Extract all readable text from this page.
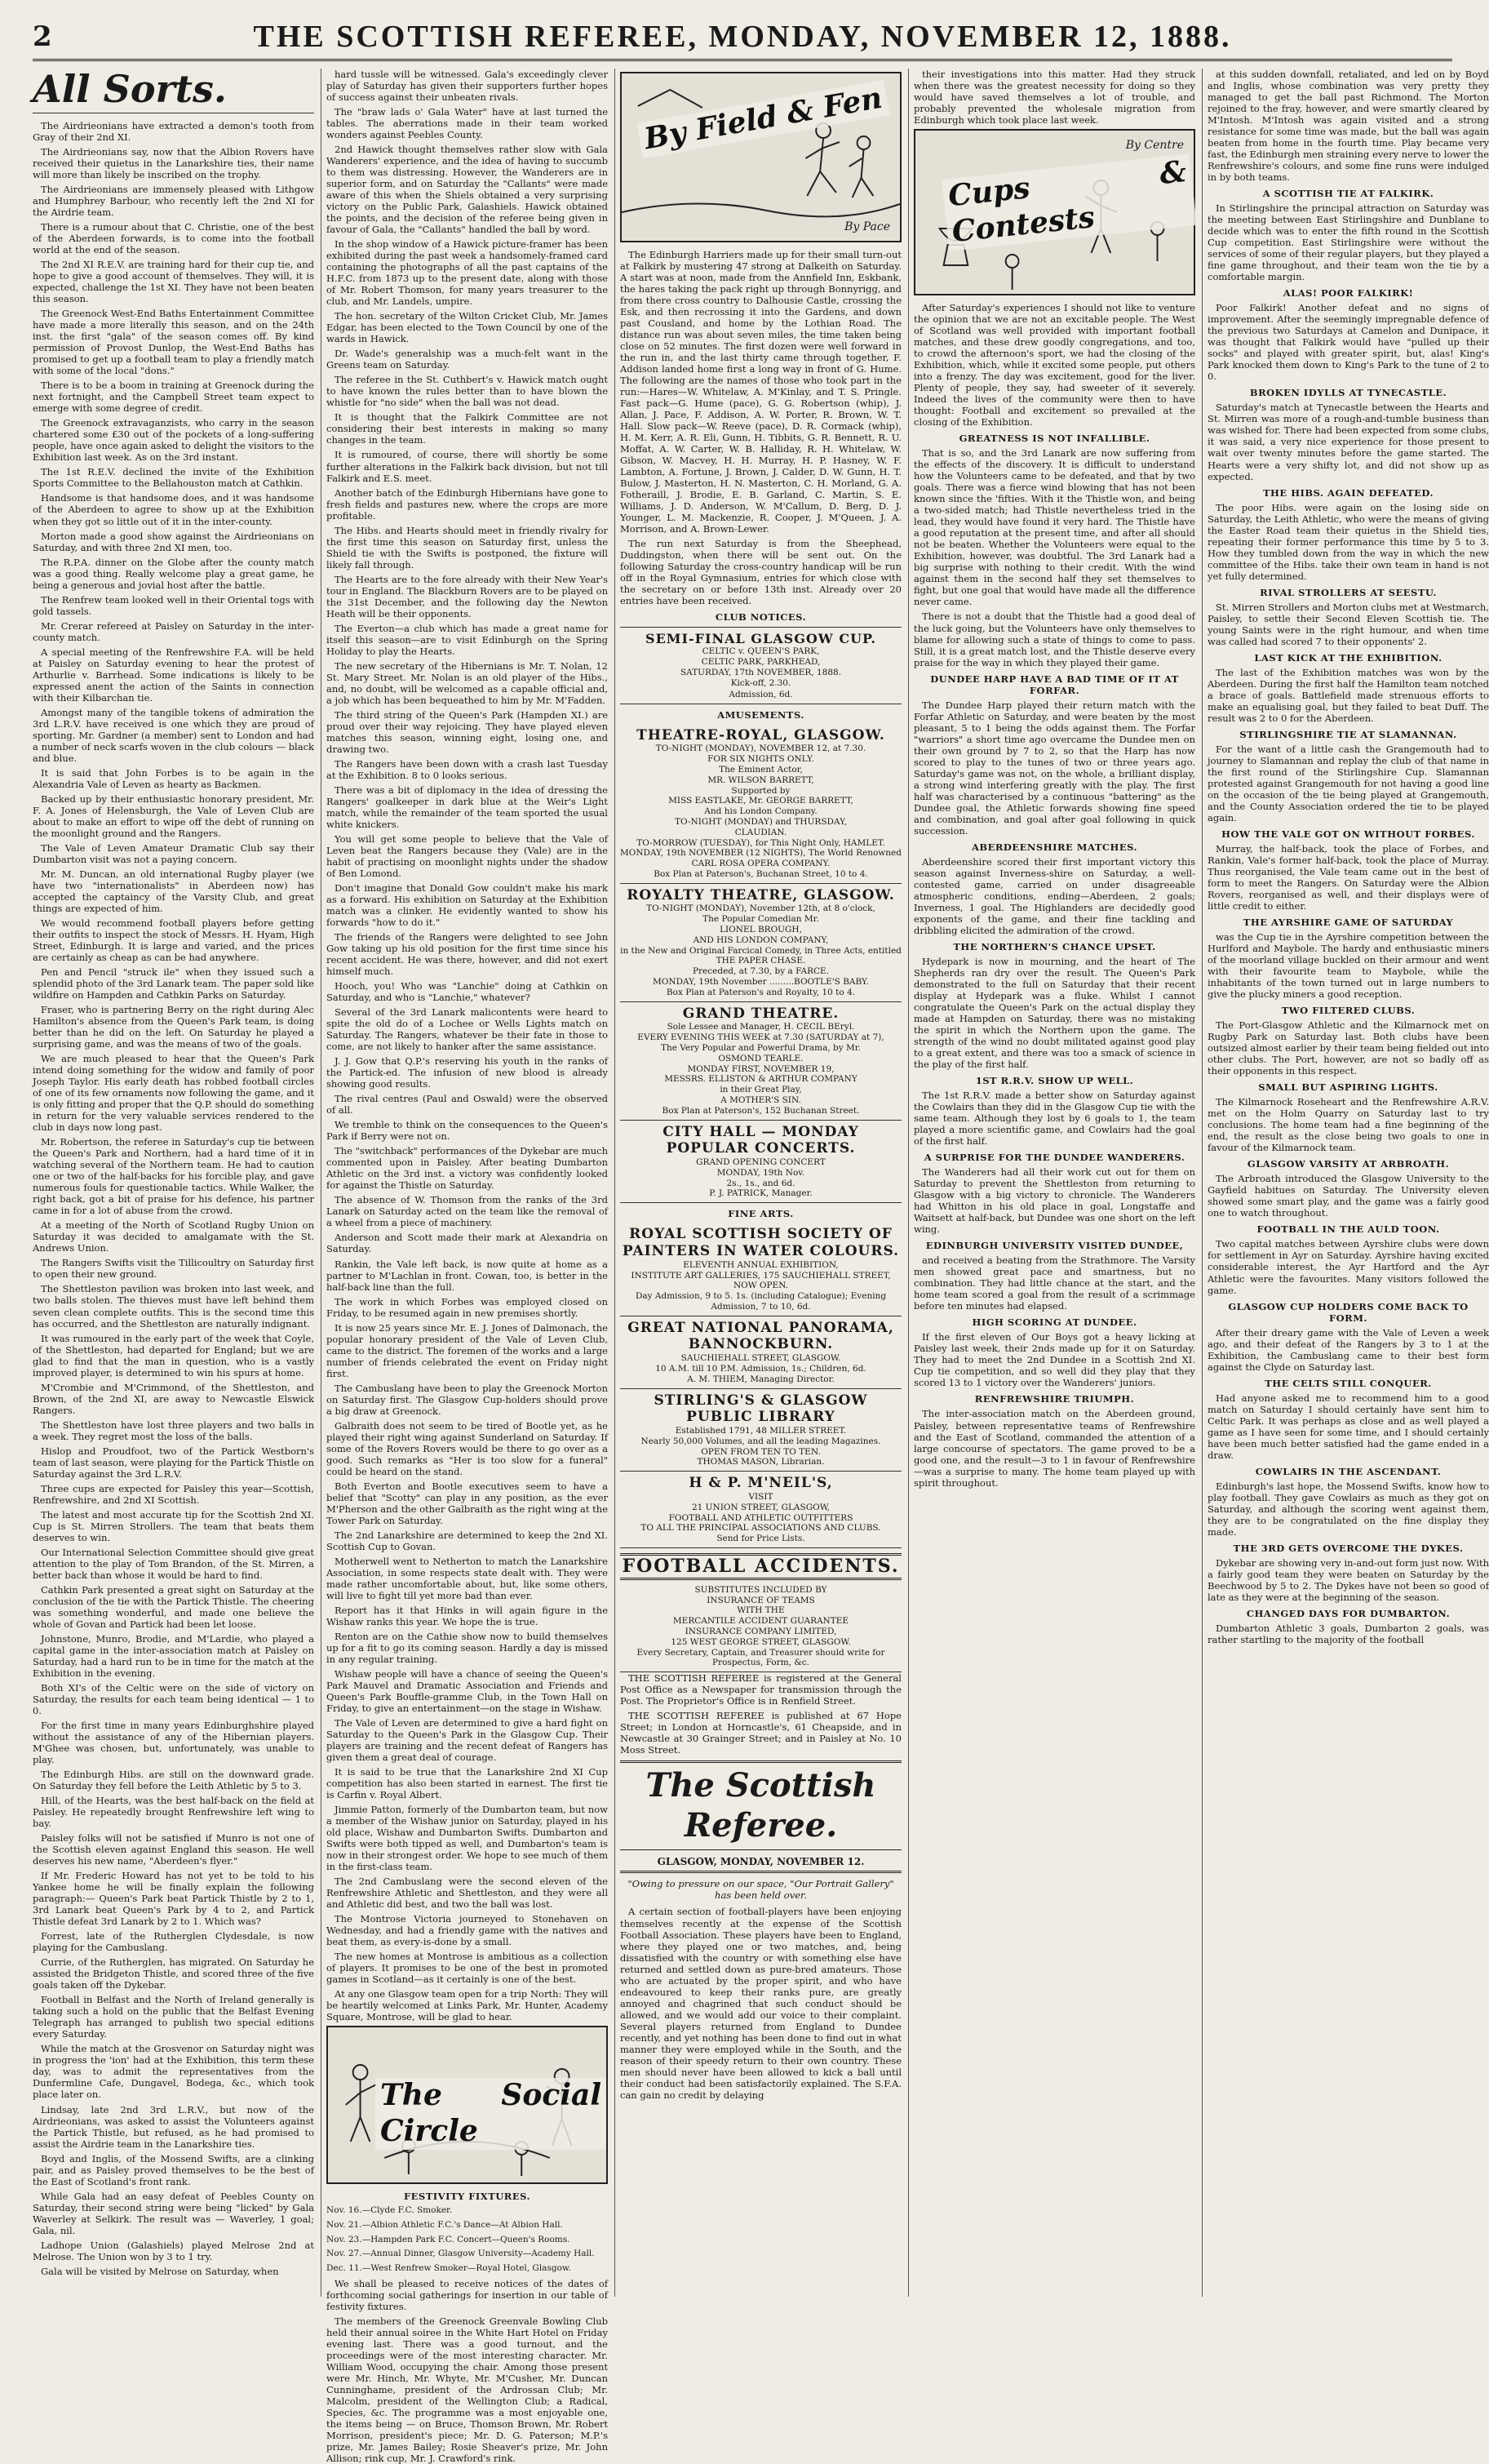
2	THE SCOTTISH REFEREE, MONDAY, NOVEMBER 12, 1888.
All Sorts.

The Airdrieonians have extracted a demon's tooth from Gray of their 2nd XI.

The Airdrieonians say, now that the Albion Rovers have received their quietus in the Lanarkshire ties, their name will more than likely be inscribed on the trophy.

The Airdrieonians are immensely pleased with Lithgow and Humphrey Barbour, who recently left the 2nd XI for the Airdrie team.

There is a rumour about that C. Christie, one of the best of the Aberdeen forwards, is to come into the football world at the end of the season.

The 2nd XI R.E.V. are training hard for their cup tie, and hope to give a good account of themselves. They will, it is expected, challenge the 1st XI. They have not been beaten this season.

The Greenock West-End Baths Entertainment Committee have made a more literally this season, and on the 24th inst. the first "gala" of the season comes off. By kind permission of Provost Dunlop, the West-End Baths has promised to get up a football team to play a friendly match with some of the local "dons."

There is to be a boom in training at Greenock during the next fortnight, and the Campbell Street team expect to emerge with some degree of credit.

The Greenock extravaganzists, who carry in the season chartered some £30 out of the pockets of a long-suffering people, have once again asked to delight the visitors to the Exhibition last week. As on the 3rd instant.

The 1st R.E.V. declined the invite of the Exhibition Sports Committee to the Bellahouston match at Cathkin.

Handsome is that handsome does, and it was handsome of the Aberdeen to agree to show up at the Exhibition when they got so little out of it in the inter-county.

Morton made a good show against the Airdrieonians on Saturday, and with three 2nd XI men, too.

The R.P.A. dinner on the Globe after the county match was a good thing. Really welcome play a great game, he being a generous and jovial host after the battle.

The Renfrew team looked well in their Oriental togs with gold tassels.

Mr. Crerar refereed at Paisley on Saturday in the inter-county match.

A special meeting of the Renfrewshire F.A. will be held at Paisley on Saturday evening to hear the protest of Arthurlie v. Barrhead. Some indications is likely to be expressed anent the action of the Saints in connection with their Kilbarchan tie.

Amongst many of the tangible tokens of admiration the 3rd L.R.V. have received is one which they are proud of sporting. Mr. Gardner (a member) sent to London and had a number of neck scarfs woven in the club colours — black and blue.

It is said that John Forbes is to be again in the Alexandria Vale of Leven as hearty as Backmen.

Backed up by their enthusiastic honorary president, Mr. F. A. Jones of Helensburgh, the Vale of Leven Club are about to make an effort to wipe off the debt of running on the moonlight ground and the Rangers.

The Vale of Leven Amateur Dramatic Club say their Dumbarton visit was not a paying concern.

Mr. M. Duncan, an old international Rugby player (we have two "internationalists" in Aberdeen now) has accepted the captaincy of the Varsity Club, and great things are expected of him.

We would recommend football players before getting their outfits to inspect the stock of Messrs. H. Hyam, High Street, Edinburgh. It is large and varied, and the prices are certainly as cheap as can be had anywhere.

Pen and Pencil "struck ile" when they issued such a splendid photo of the 3rd Lanark team. The paper sold like wildfire on Hampden and Cathkin Parks on Saturday.

Fraser, who is partnering Berry on the right during Alec Hamilton's absence from the Queen's Park team, is doing better than he did on the left. On Saturday he played a surprising game, and was the means of two of the goals.

We are much pleased to hear that the Queen's Park intend doing something for the widow and family of poor Joseph Taylor. His early death has robbed football circles of one of its few ornaments now following the game, and it is only fitting and proper that the Q.P. should do something in return for the very valuable services rendered to the club in days now long past.

Mr. Robertson, the referee in Saturday's cup tie between the Queen's Park and Northern, had a hard time of it in watching several of the Northern team. He had to caution one or two of the half-backs for his forcible play, and gave numerous fouls for questionable tactics. While Walker, the right back, got a bit of praise for his defence, his partner came in for a lot of abuse from the crowd.

At a meeting of the North of Scotland Rugby Union on Saturday it was decided to amalgamate with the St. Andrews Union.

The Rangers Swifts visit the Tillicoultry on Saturday first to open their new ground.

The Shettleston pavilion was broken into last week, and two balls stolen. The thieves must have left behind them seven clean complete outfits. This is the second time this has occurred, and the Shettleston are naturally indignant.

It was rumoured in the early part of the week that Coyle, of the Shettleston, had departed for England; but we are glad to find that the man in question, who is a vastly improved player, is determined to win his spurs at home.

M'Crombie and M'Crimmond, of the Shettleston, and Brown, of the 2nd XI, are away to Newcastle Elswick Rangers.

The Shettleston have lost three players and two balls in a week. They regret most the loss of the balls.

Hislop and Proudfoot, two of the Partick Westborn's team of last season, were playing for the Partick Thistle on Saturday against the 3rd L.R.V.

Three cups are expected for Paisley this year—Scottish, Renfrewshire, and 2nd XI Scottish.

The latest and most accurate tip for the Scottish 2nd XI. Cup is St. Mirren Strollers. The team that beats them deserves to win.

Our International Selection Committee should give great attention to the play of Tom Brandon, of the St. Mirren, a better back than whose it would be hard to find.

Cathkin Park presented a great sight on Saturday at the conclusion of the tie with the Partick Thistle. The cheering was something wonderful, and made one believe the whole of Govan and Partick had been let loose.

Johnstone, Munro, Brodie, and M'Lardie, who played a capital game in the inter-association match at Paisley on Saturday, had a hard run to be in time for the match at the Exhibition in the evening.

Both XI's of the Celtic were on the side of victory on Saturday, the results for each team being identical — 1 to 0.

For the first time in many years Edinburghshire played without the assistance of any of the Hibernian players. M'Ghee was chosen, but, unfortunately, was unable to play.

The Edinburgh Hibs. are still on the downward grade. On Saturday they fell before the Leith Athletic by 5 to 3.

Hill, of the Hearts, was the best half-back on the field at Paisley. He repeatedly brought Renfrewshire left wing to bay.

Paisley folks will not be satisfied if Munro is not one of the Scottish eleven against England this season. He well deserves his new name, "Aberdeen's flyer."

If Mr. Frederic Howard has not yet to be told to his Yankee home he will be finally explain the following paragraph:— Queen's Park beat Partick Thistle by 2 to 1, 3rd Lanark beat Queen's Park by 4 to 2, and Partick Thistle defeat 3rd Lanark by 2 to 1. Which was?

Forrest, late of the Rutherglen Clydesdale, is now playing for the Cambuslang.

Currie, of the Rutherglen, has migrated. On Saturday he assisted the Bridgeton Thistle, and scored three of the five goals taken off the Dykebar.

Football in Belfast and the North of Ireland generally is taking such a hold on the public that the Belfast Evening Telegraph has arranged to publish two special editions every Saturday.

While the match at the Grosvenor on Saturday night was in progress the 'ion' had at the Exhibition, this term these day, was to admit the representatives from the Dunfermline Cafe, Dungavel, Bodega, &c., which took place later on.

Lindsay, late 2nd 3rd L.R.V., but now of the Airdrieonians, was asked to assist the Volunteers against the Partick Thistle, but refused, as he had promised to assist the Airdrie team in the Lanarkshire ties.

Boyd and Inglis, of the Mossend Swifts, are a clinking pair, and as Paisley proved themselves to be the best of the East of Scotland's front rank.

While Gala had an easy defeat of Peebles County on Saturday, their second string were being "licked" by Gala Waverley at Selkirk. The result was — Waverley, 1 goal; Gala, nil.

Ladhope Union (Galashiels) played Melrose 2nd at Melrose. The Union won by 3 to 1 try.

Gala will be visited by Melrose on Saturday, when

hard tussle will be witnessed. Gala's exceedingly clever play of Saturday has given their supporters further hopes of success against their unbeaten rivals.

The "braw lads o' Gala Water" have at last turned the tables. The aberrations made in their team worked wonders against Peebles County.

2nd Hawick thought themselves rather slow with Gala Wanderers' experience, and the idea of having to succumb to them was distressing. However, the Wanderers are in superior form, and on Saturday the "Callants" were made aware of this when the Shiels obtained a very surprising victory on the Public Park, Galashiels. Hawick obtained the points, and the decision of the referee being given in favour of Gala, the "Callants" handled the ball by word.

In the shop window of a Hawick picture-framer has been exhibited during the past week a handsomely-framed card containing the photographs of all the past captains of the H.F.C. from 1873 up to the present date, along with those of Mr. Robert Thomson, for many years treasurer to the club, and Mr. Landels, umpire.

The hon. secretary of the Wilton Cricket Club, Mr. James Edgar, has been elected to the Town Council by one of the wards in Hawick.

Dr. Wade's generalship was a much-felt want in the Greens team on Saturday.

The referee in the St. Cuthbert's v. Hawick match ought to have known the rules better than to have blown the whistle for "no side" when the ball was not dead.

It is thought that the Falkirk Committee are not considering their best interests in making so many changes in the team.

It is rumoured, of course, there will shortly be some further alterations in the Falkirk back division, but not till Falkirk and E.S. meet.

Another batch of the Edinburgh Hibernians have gone to fresh fields and pastures new, where the crops are more profitable.

The Hibs. and Hearts should meet in friendly rivalry for the first time this season on Saturday first, unless the Shield tie with the Swifts is postponed, the fixture will likely fall through.

The Hearts are to the fore already with their New Year's tour in England. The Blackburn Rovers are to be played on the 31st December, and the following day the Newton Heath will be their opponents.

The Everton—a club which has made a great name for itself this season—are to visit Edinburgh on the Spring Holiday to play the Hearts.

The new secretary of the Hibernians is Mr. T. Nolan, 12 St. Mary Street. Mr. Nolan is an old player of the Hibs., and, no doubt, will be welcomed as a capable official and, a job which has been bequeathed to him by Mr. M'Fadden.

The third string of the Queen's Park (Hampden XI.) are proud over their way rejoicing. They have played eleven matches this season, winning eight, losing one, and drawing two.

The Rangers have been down with a crash last Tuesday at the Exhibition. 8 to 0 looks serious.

There was a bit of diplomacy in the idea of dressing the Rangers' goalkeeper in dark blue at the Weir's Light match, while the remainder of the team sported the usual white knickers.

You will get some people to believe that the Vale of Leven beat the Rangers because they (Vale) are in the habit of practising on moonlight nights under the shadow of Ben Lomond.

Don't imagine that Donald Gow couldn't make his mark as a forward. His exhibition on Saturday at the Exhibition match was a clinker. He evidently wanted to show his forwards "how to do it."

The friends of the Rangers were delighted to see John Gow taking up his old position for the first time since his recent accident. He was there, however, and did not exert himself much.

Hooch, you! Who was "Lanchie" doing at Cathkin on Saturday, and who is "Lanchie," whatever?

Several of the 3rd Lanark malicontents were heard to spite the old do of a Lochee or Wells Lights match on Saturday. The Rangers, whatever be their fate in those to come, are not likely to hanker after the same assistance.

J. J. Gow that Q.P.'s reserving his youth in the ranks of the Partick-ed. The infusion of new blood is already showing good results.

The rival centres (Paul and Oswald) were the observed of all.

We tremble to think on the consequences to the Queen's Park if Berry were not on.

The "switchback" performances of the Dykebar are much commented upon in Paisley. After beating Dumbarton Athletic on the 3rd inst. a victory was confidently looked for against the Thistle on Saturday.

The absence of W. Thomson from the ranks of the 3rd Lanark on Saturday acted on the team like the removal of a wheel from a piece of machinery.

Anderson and Scott made their mark at Alexandria on Saturday.

Rankin, the Vale left back, is now quite at home as a partner to M'Lachlan in front. Cowan, too, is better in the half-back line than the full.

The work in which Forbes was employed closed on Friday, to be resumed again in new premises shortly.

It is now 25 years since Mr. E. J. Jones of Dalmonach, the popular honorary president of the Vale of Leven Club, came to the district. The foremen of the works and a large number of friends celebrated the event on Friday night first.

The Cambuslang have been to play the Greenock Morton on Saturday first. The Glasgow Cup-holders should prove a big draw at Greenock.

Galbraith does not seem to be tired of Bootle yet, as he played their right wing against Sunderland on Saturday. If some of the Rovers Rovers would be there to go over as a good. Such remarks as "Her is too slow for a funeral" could be heard on the stand.

Both Everton and Bootle executives seem to have a belief that "Scotty" can play in any position, as the ever M'Pherson and the other Galbraith as the right wing at the Tower Park on Saturday.

The 2nd Lanarkshire are determined to keep the 2nd XI. Scottish Cup to Govan.

Motherwell went to Netherton to match the Lanarkshire Association, in some respects state dealt with. They were made rather uncomfortable about, but, like some others, will live to fight till yet more bad than ever.

Report has it that Hinks in will again figure in the Wishaw ranks this year. We hope the is true.

Renton are on the Cathie show now to build themselves up for a fit to go its coming season. Hardly a day is missed in any regular training.

Wishaw people will have a chance of seeing the Queen's Park Mauvel and Dramatic Association and Friends and Queen's Park Bouffle-gramme Club, in the Town Hall on Friday, to give an entertainment—on the stage in Wishaw.

The Vale of Leven are determined to give a hard fight on Saturday to the Queen's Park in the Glasgow Cup. Their players are training and the recent defeat of Rangers has given them a great deal of courage.

It is said to be true that the Lanarkshire 2nd XI Cup competition has also been started in earnest. The first tie is Carfin v. Royal Albert.

Jimmie Patton, formerly of the Dumbarton team, but now a member of the Wishaw junior on Saturday, played in his old place, Wishaw and Dumbarton Swifts. Dumbarton and Swifts were both tipped as well, and Dumbarton's team is now in their strongest order. We hope to see much of them in the first-class team.

The 2nd Cambuslang were the second eleven of the Renfrewshire Athletic and Shettleston, and they were all and Athletic did best, and two the ball was lost.

The Montrose Victoria journeyed to Stonehaven on Wednesday, and had a friendly game with the natives and beat them, as every-is-done by a small.

The new homes at Montrose is ambitious as a collection of players. It promises to be one of the best in promoted games in Scotland—as it certainly is one of the best.

At any one Glasgow team open for a trip North: They will be heartily welcomed at Links Park, Mr. Hunter, Academy Square, Montrose, will be glad to hear.

The Social Circle
FESTIVITY FIXTURES.

Nov. 16.—Clyde F.C. Smoker.

Nov. 21.—Albion Athletic F.C.'s Dance—At Albion Hall.

Nov. 23.—Hampden Park F.C. Concert—Queen's Rooms.

Nov. 27.—Annual Dinner, Glasgow University—Academy Hall.

Dec. 11.—West Renfrew Smoker—Royal Hotel, Glasgow.

We shall be pleased to receive notices of the dates of forthcoming social gatherings for insertion in our table of festivity fixtures.

The members of the Greenock Greenvale Bowling Club held their annual soiree in the White Hart Hotel on Friday evening last. There was a good turnout, and the proceedings were of the most interesting character. Mr. William Wood, occupying the chair. Among those present were Mr. Hinch, Mr. Whyte, Mr. M'Cusher, Mr. Duncan Cunninghame, president of the Ardrossan Club; Mr. Malcolm, president of the Wellington Club; a Radical, Species, &c. The programme was a most enjoyable one, the items being — on Bruce, Thomson Brown, Mr. Robert Morrison, president's piece; Mr. D. G. Paterson; M.P.'s prize, Mr. James Bailey; Rosie Sheaver's prize, Mr. John Allison; rink cup, Mr. J. Crawford's rink.

By Field & Fen
By Pace

The Edinburgh Harriers made up for their small turn-out at Falkirk by mustering 47 strong at Dalkeith on Saturday. A start was at noon, made from the Annfield Inn, Eskbank, the hares taking the pack right up through Bonnyrigg, and from there cross country to Dalhousie Castle, crossing the Esk, and then recrossing it into the Gardens, and down past Cousland, and home by the Lothian Road. The distance run was about seven miles, the time taken being close on 52 minutes. The first dozen were well forward in the run in, and the last thirty came through together, F. Addison landed home first a long way in front of G. Hume. The following are the names of those who took part in the run:—Hares—W. Whitelaw, A. M'Kinlay, and T. S. Pringle. Fast pack—G. Hume (pace), G. G. Robertson (whip), J. Allan, J. Pace, F. Addison, A. W. Porter, R. Brown, W. T. Hall. Slow pack—W. Reeve (pace), D. R. Cormack (whip), H. M. Kerr, A. R. Eli, Gunn, H. Tibbits, G. R. Bennett, R. U. Moffat, A. W. Carter, W. B. Halliday, R. H. Whitelaw, W. Gibson, W. Macvey, H. H. Murray, H. P. Hasney, W. F. Lambton, A. Fortune, J. Brown, J. Calder, D. W. Gunn, H. T. Bulow, J. Masterton, H. N. Masterton, C. H. Morland, G. A. Fotheraill, J. Brodie, E. B. Garland, C. Martin, S. E. Williams, J. D. Anderson, W. M'Callum, D. Berg, D. J. Younger, L. M. Mackenzie, R. Cooper, J. M'Queen, J. A. Morrison, and A. Brown-Lewer.

The run next Saturday is from the Sheephead, Duddingston, when there will be sent out. On the following Saturday the cross-country handicap will be run off in the Royal Gymnasium, entries for which close with the secretary on or before 13th inst. Already over 20 entries have been received.

CLUB NOTICES.
SEMI-FINAL GLASGOW CUP.
CELTIC v. QUEEN'S PARK,
CELTIC PARK, PARKHEAD,
SATURDAY, 17th NOVEMBER, 1888.
Kick-off, 2.30.
Admission, 6d.
AMUSEMENTS.
THEATRE-ROYAL, GLASGOW.
TO-NIGHT (MONDAY), NOVEMBER 12, at 7.30.
FOR SIX NIGHTS ONLY.
The Eminent Actor,
MR. WILSON BARRETT,
Supported by
MISS EASTLAKE, Mr. GEORGE BARRETT,
And his London Company.
TO-NIGHT (MONDAY) and THURSDAY,
CLAUDIAN.
TO-MORROW (TUESDAY), for This Night Only, HAMLET.
MONDAY, 19th NOVEMBER (12 NIGHTS), The World Renowned
CARL ROSA OPERA COMPANY.
Box Plan at Paterson's, Buchanan Street, 10 to 4.
ROYALTY THEATRE, GLASGOW.
TO-NIGHT (MONDAY), November 12th, at 8 o'clock,
The Popular Comedian Mr.
LIONEL BROUGH,
AND HIS LONDON COMPANY,
in the New and Original Farcical Comedy, in Three Acts, entitled
THE PAPER CHASE.
Preceded, at 7.30, by a FARCE.
MONDAY, 19th November .........BOOTLE'S BABY.
Box Plan at Paterson's and Royalty, 10 to 4.
GRAND THEATRE.
Sole Lessee and Manager, H. CECIL BEryl.
EVERY EVENING THIS WEEK at 7.30 (SATURDAY at 7),
The Very Popular and Powerful Drama, by Mr.
OSMOND TEARLE.
MONDAY FIRST, NOVEMBER 19,
MESSRS. ELLISTON & ARTHUR COMPANY
in their Great Play,
A MOTHER'S SIN.
Box Plan at Paterson's, 152 Buchanan Street.
CITY HALL — MONDAY POPULAR CONCERTS.
GRAND OPENING CONCERT
MONDAY, 19th Nov.
2s., 1s., and 6d.
P. J. PATRICK, Manager.
FINE ARTS.
ROYAL SCOTTISH SOCIETY OF PAINTERS IN WATER COLOURS.
ELEVENTH ANNUAL EXHIBITION,
INSTITUTE ART GALLERIES, 175 SAUCHIEHALL STREET, NOW OPEN.
Day Admission, 9 to 5. 1s. (including Catalogue); Evening Admission, 7 to 10, 6d.
GREAT NATIONAL PANORAMA, BANNOCKBURN.
SAUCHIEHALL STREET, GLASGOW.
10 A.M. till 10 P.M. Admission, 1s.; Children, 6d.
A. M. THIEM, Managing Director.
STIRLING'S & GLASGOW PUBLIC LIBRARY
Established 1791, 48 MILLER STREET.
Nearly 50,000 Volumes, and all the leading Magazines.
OPEN FROM TEN TO TEN.
THOMAS MASON, Librarian.
H & P. M'NEIL'S,
VISIT
21 UNION STREET, GLASGOW,
FOOTBALL AND ATHLETIC OUTFITTERS
TO ALL THE PRINCIPAL ASSOCIATIONS AND CLUBS.
Send for Price Lists.
FOOTBALL ACCIDENTS.
SUBSTITUTES INCLUDED BY
INSURANCE OF TEAMS
WITH THE
MERCANTILE ACCIDENT GUARANTEE
INSURANCE COMPANY LIMITED,
125 WEST GEORGE STREET, GLASGOW.
Every Secretary, Captain, and Treasurer should write for Prospectus, Form, &c.

THE SCOTTISH REFEREE is registered at the General Post Office as a Newspaper for transmission through the Post. The Proprietor's Office is in Renfield Street.

THE SCOTTISH REFEREE is published at 67 Hope Street; in London at Horncastle's, 61 Cheapside, and in Newcastle at 30 Grainger Street; and in Paisley at No. 10 Moss Street.

The Scottish Referee.
GLASGOW, MONDAY, NOVEMBER 12.
"Owing to pressure on our space, "Our Portrait Gallery" has been held over.

A certain section of football-players have been enjoying themselves recently at the expense of the Scottish Football Association. These players have been to England, where they played one or two matches, and, being dissatisfied with the country or with something else have returned and settled down as pure-bred amateurs. Those who are actuated by the proper spirit, and who have endeavoured to keep their ranks pure, are greatly annoyed and chagrined that such conduct should be allowed, and we would add our voice to their complaint. Several players returned from England to Dundee recently, and yet nothing has been done to find out in what manner they were employed while in the South, and the reason of their speedy return to their own country. These men should never have been allowed to kick a ball until their conduct had been satisfactorily explained. The S.F.A. can gain no credit by delaying

their investigations into this matter. Had they struck when there was the greatest necessity for doing so they would have saved themselves a lot of trouble, and probably prevented the wholesale migration from Edinburgh which took place last week.

Cups & Contests
By Centre

After Saturday's experiences I should not like to venture the opinion that we are not an excitable people. The West of Scotland was well provided with important football matches, and these drew goodly congregations, and too, to crowd the afternoon's sport, we had the closing of the Exhibition, which, while it excited some people, put others into a frenzy. The day was excitement, good for the liver. Plenty of people, they say, had sweeter of it severely. Indeed the lives of the community were then to have thought: Football and excitement so prevailed at the closing of the Exhibition.

GREATNESS IS NOT INFALLIBLE.

That is so, and the 3rd Lanark are now suffering from the effects of the discovery. It is difficult to understand how the Volunteers came to be defeated, and that by two goals. There was a fierce wind blowing that has not been known since the 'fifties. With it the Thistle won, and being a two-sided match; had Thistle nevertheless tried in the lead, they would have found it very hard. The Thistle have a good reputation at the present time, and after all should not be beaten. Whether the Volunteers were equal to the Exhibition, however, was doubtful. The 3rd Lanark had a big surprise with nothing to their credit. With the wind against them in the second half they set themselves to fight, but one goal that would have made all the difference never came.

There is not a doubt that the Thistle had a good deal of the luck going, but the Volunteers have only themselves to blame for allowing such a state of things to come to pass. Still, it is a great match lost, and the Thistle deserve every praise for the way in which they played their game.

DUNDEE HARP HAVE A BAD TIME OF IT AT FORFAR.

The Dundee Harp played their return match with the Forfar Athletic on Saturday, and were beaten by the most pleasant, 5 to 1 being the odds against them. The Forfar "warriors" a short time ago overcame the Dundee men on their own ground by 7 to 2, so that the Harp has now scored to play to the tunes of two or three years ago. Saturday's game was not, on the whole, a brilliant display, a strong wind interfering greatly with the play. The first half was characterised by a continuous "battering" as the Dundee goal, the Athletic forwards showing fine speed and combination, and goal after goal following in quick succession.

ABERDEENSHIRE MATCHES.

Aberdeenshire scored their first important victory this season against Inverness-shire on Saturday, a well-contested game, carried on under disagreeable atmospheric conditions, ending—Aberdeen, 2 goals; Inverness, 1 goal. The Highlanders are decidedly good exponents of the game, and their fine tackling and dribbling elicited the admiration of the crowd.

THE NORTHERN'S CHANCE UPSET.

Hydepark is now in mourning, and the heart of The Shepherds ran dry over the result. The Queen's Park demonstrated to the full on Saturday that their recent display at Hydepark was a fluke. Whilst I cannot congratulate the Queen's Park on the actual display they made at Hampden on Saturday, there was no mistaking the spirit in which the Northern upon the game. The strength of the wind no doubt militated against good play to a great extent, and there was too a smack of science in the play of the first half.

1ST R.R.V. SHOW UP WELL.

The 1st R.R.V. made a better show on Saturday against the Cowlairs than they did in the Glasgow Cup tie with the same team. Although they lost by 6 goals to 1, the team played a more scientific game, and Cowlairs had the goal of the first half.

A SURPRISE FOR THE DUNDEE WANDERERS.

The Wanderers had all their work cut out for them on Saturday to prevent the Shettleston from returning to Glasgow with a big victory to chronicle. The Wanderers had Whitton in his old place in goal, Longstaffe and Waitsett at half-back, but Dundee was one short on the left wing.

EDINBURGH UNIVERSITY VISITED DUNDEE,

and received a beating from the Strathmore. The Varsity men showed great pace and smartness, but no combination. They had little chance at the start, and the home team scored a goal from the result of a scrimmage before ten minutes had elapsed.

HIGH SCORING AT DUNDEE.

If the first eleven of Our Boys got a heavy licking at Paisley last week, their 2nds made up for it on Saturday. They had to meet the 2nd Dundee in a Scottish 2nd XI. Cup tie competition, and so well did they play that they scored 13 to 1 victory over the Wanderers' juniors.

RENFREWSHIRE TRIUMPH.

The inter-association match on the Aberdeen ground, Paisley, between representative teams of Renfrewshire and the East of Scotland, commanded the attention of a large concourse of spectators. The game proved to be a good one, and the result—3 to 1 in favour of Renfrewshire—was a surprise to many. The home team played up with spirit throughout.

at this sudden downfall, retaliated, and led on by Boyd and Inglis, whose combination was very pretty they managed to get the ball past Richmond. The Morton rejoined to the fray, however, and were smartly cleared by M'Intosh. M'Intosh was again visited and a strong resistance for some time was made, but the ball was again beaten from home in the fourth time. Play became very fast, the Edinburgh men straining every nerve to lower the Renfrewshire's colours, and some fine runs were indulged in by both teams.

A SCOTTISH TIE AT FALKIRK.

In Stirlingshire the principal attraction on Saturday was the meeting between East Stirlingshire and Dunblane to decide which was to enter the fifth round in the Scottish Cup competition. East Stirlingshire were without the services of some of their regular players, but they played a fine game throughout, and their team won the tie by a comfortable margin.

ALAS! POOR FALKIRK!

Poor Falkirk! Another defeat and no signs of improvement. After the seemingly impregnable defence of the previous two Saturdays at Camelon and Dunipace, it was thought that Falkirk would have "pulled up their socks" and played with greater spirit, but, alas! King's Park knocked them down to King's Park to the tune of 2 to 0.

BROKEN IDYLLS AT TYNECASTLE.

Saturday's match at Tynecastle between the Hearts and St. Mirren was more of a rough-and-tumble business than was wished for. There had been expected from some clubs, it was said, a very nice experience for those present to wait over twenty minutes before the game started. The Hearts were a very shifty lot, and did not show up as expected.

THE HIBS. AGAIN DEFEATED.

The poor Hibs. were again on the losing side on Saturday, the Leith Athletic, who were the means of giving the Easter Road team their quietus in the Shield ties, repeating their former performance this time by 5 to 3. How they tumbled down from the way in which the new committee of the Hibs. take their own team in hand is not yet fully determined.

RIVAL STROLLERS AT SEESTU.

St. Mirren Strollers and Morton clubs met at Westmarch, Paisley, to settle their Second Eleven Scottish tie. The young Saints were in the right humour, and when time was called had scored 7 to their opponents' 2.

LAST KICK AT THE EXHIBITION.

The last of the Exhibition matches was won by the Aberdeen. During the first half the Hamilton team notched a brace of goals. Battlefield made strenuous efforts to make an equalising goal, but they failed to beat Duff. The result was 2 to 0 for the Aberdeen.

STIRLINGSHIRE TIE AT SLAMANNAN.

For the want of a little cash the Grangemouth had to journey to Slamannan and replay the club of that name in the first round of the Stirlingshire Cup. Slamannan protested against Grangemouth for not having a good line on the occasion of the tie being played at Grangemouth, and the County Association ordered the tie to be played again.

HOW THE VALE GOT ON WITHOUT FORBES.

Murray, the half-back, took the place of Forbes, and Rankin, Vale's former half-back, took the place of Murray. Thus reorganised, the Vale team came out in the best of form to meet the Rangers. On Saturday were the Albion Rovers, reorganised as well, and their displays were of little credit to either.

THE AYRSHIRE GAME OF SATURDAY

was the Cup tie in the Ayrshire competition between the Hurlford and Maybole. The hardy and enthusiastic miners of the moorland village buckled on their armour and went with their favourite team to Maybole, while the inhabitants of the town turned out in large numbers to give the plucky miners a good reception.

TWO FILTERED CLUBS.

The Port-Glasgow Athletic and the Kilmarnock met on Rugby Park on Saturday last. Both clubs have been outsized almost earlier by their team being fielded out into other clubs. The Port, however, are not so badly off as their opponents in this respect.

SMALL BUT ASPIRING LIGHTS.

The Kilmarnock Roseheart and the Renfrewshire A.R.V. met on the Holm Quarry on Saturday last to try conclusions. The home team had a fine beginning of the end, the result as the close being two goals to one in favour of the Kilmarnock team.

GLASGOW VARSITY AT ARBROATH.

The Arbroath introduced the Glasgow University to the Gayfield habitues on Saturday. The University eleven showed some smart play, and the game was a fairly good one to watch throughout.

FOOTBALL IN THE AULD TOON.

Two capital matches between Ayrshire clubs were down for settlement in Ayr on Saturday. Ayrshire having excited considerable interest, the Ayr Hartford and the Ayr Athletic were the favourites. Many visitors followed the game.

GLASGOW CUP HOLDERS COME BACK TO FORM.

After their dreary game with the Vale of Leven a week ago, and their defeat of the Rangers by 3 to 1 at the Exhibition, the Cambuslang came to their best form against the Clyde on Saturday last.

THE CELTS STILL CONQUER.

Had anyone asked me to recommend him to a good match on Saturday I should certainly have sent him to Celtic Park. It was perhaps as close and as well played a game as I have seen for some time, and I should certainly have been much better satisfied had the game ended in a draw.

COWLAIRS IN THE ASCENDANT.

Edinburgh's last hope, the Mossend Swifts, know how to play football. They gave Cowlairs as much as they got on Saturday, and although the scoring went against them, they are to be congratulated on the fine display they made.

THE 3RD GETS OVERCOME THE DYKES.

Dykebar are showing very in-and-out form just now. With a fairly good team they were beaten on Saturday by the Beechwood by 5 to 2. The Dykes have not been so good of late as they were at the beginning of the season.

CHANGED DAYS FOR DUMBARTON.

Dumbarton Athletic 3 goals, Dumbarton 2 goals, was rather startling to the majority of the football
